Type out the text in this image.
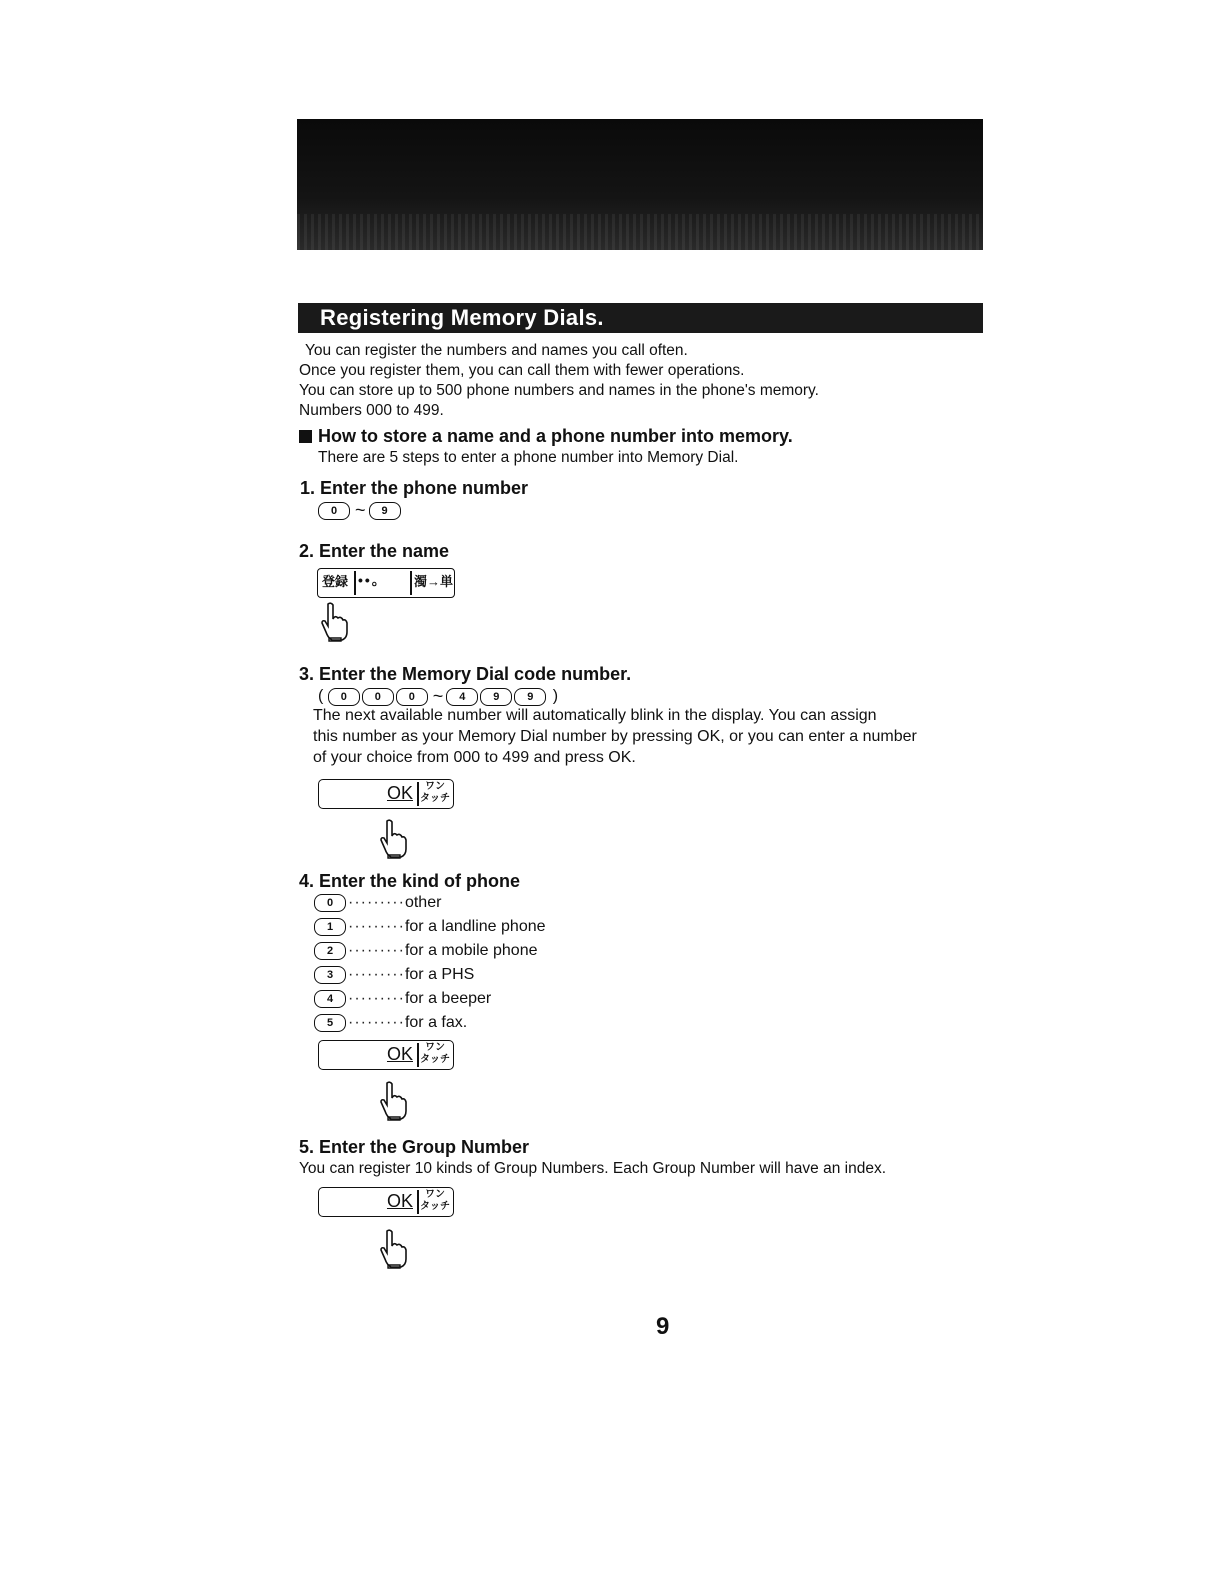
Registering Memory Dials.
You can register the numbers and names you call often.
Once you register them, you can call them with fewer operations.
You can store up to 500 phone numbers and names in the phone's memory.
Numbers 000 to 499.
How to store a name and a phone number into memory.
There are 5 steps to enter a phone number into Memory Dial.
1. Enter the phone number
0 ~ 9
2. Enter the name
登録 ••。 濁→単
3. Enter the Memory Dial code number.
( 0	0	0 ~ 4	9	9 )
The next available number will automatically blink in the display. You can assign
this number as your Memory Dial number by pressing OK, or you can enter a number
of your choice from 000 to 499 and press OK.
OK	ワン
タッチ
4. Enter the kind of phone
0 ·········other
1 ·········for a landline phone
2 ·········for a mobile phone
3 ·········for a PHS
4 ·········for a beeper
5 ·········for a fax.
OK	ワン
タッチ
5. Enter the Group Number
You can register 10 kinds of Group Numbers. Each Group Number will have an index.
OK	ワン
タッチ
9
